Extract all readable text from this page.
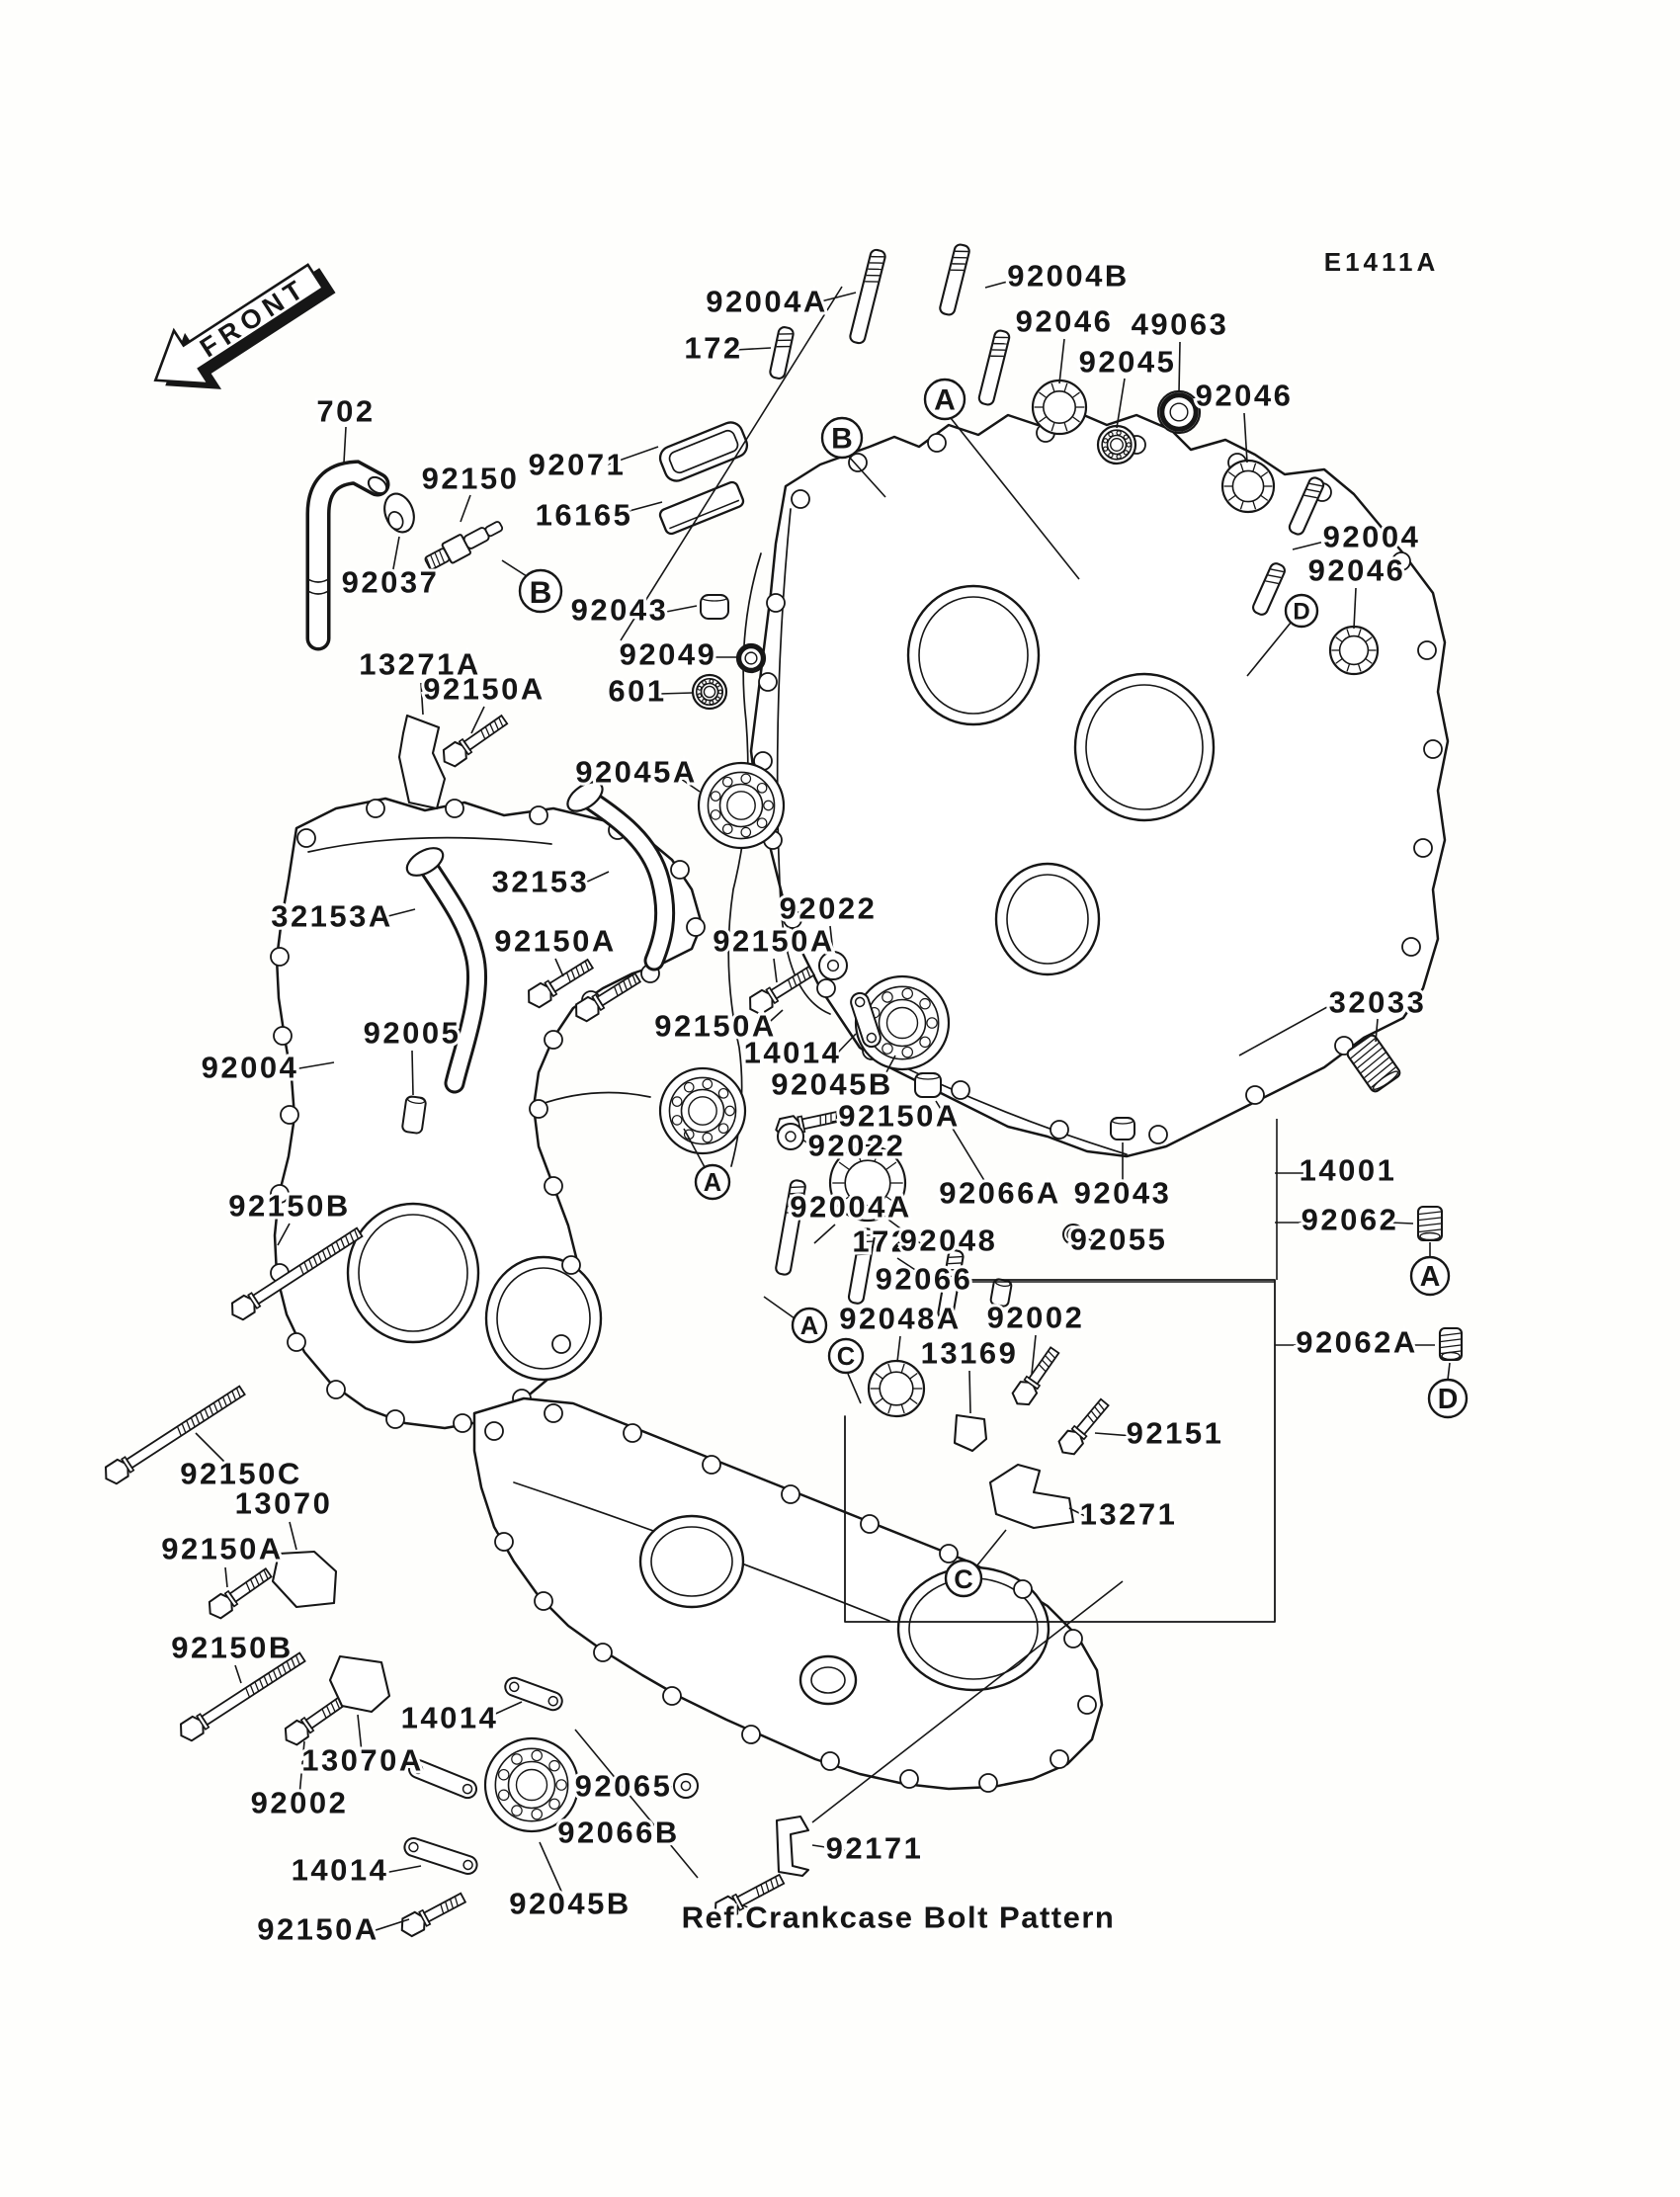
702
92150
92037
92071
16165
172
92004A
92004B
92046
92045
49063
92046
92004
92046
92043
92049
601
13271A
92150A
92045A
32153
32153A
92150A	92150A
92022
92150A
14014
92045B
92150A
92022
92005
92004
92150B	92004A
172
92066
92048A 92002
13169
92066A
92048
92043
92055
92151
13271
32033
14001
92062
92062A
92150C
13070
92150A
92150B
13070A
92002
14014
92150A
92045B
92065
92066B	92171
14014
Ref.Crankcase Bolt Pattern
E1411A
B
B
A
D
A
A
C
C
A
D
FRONT
